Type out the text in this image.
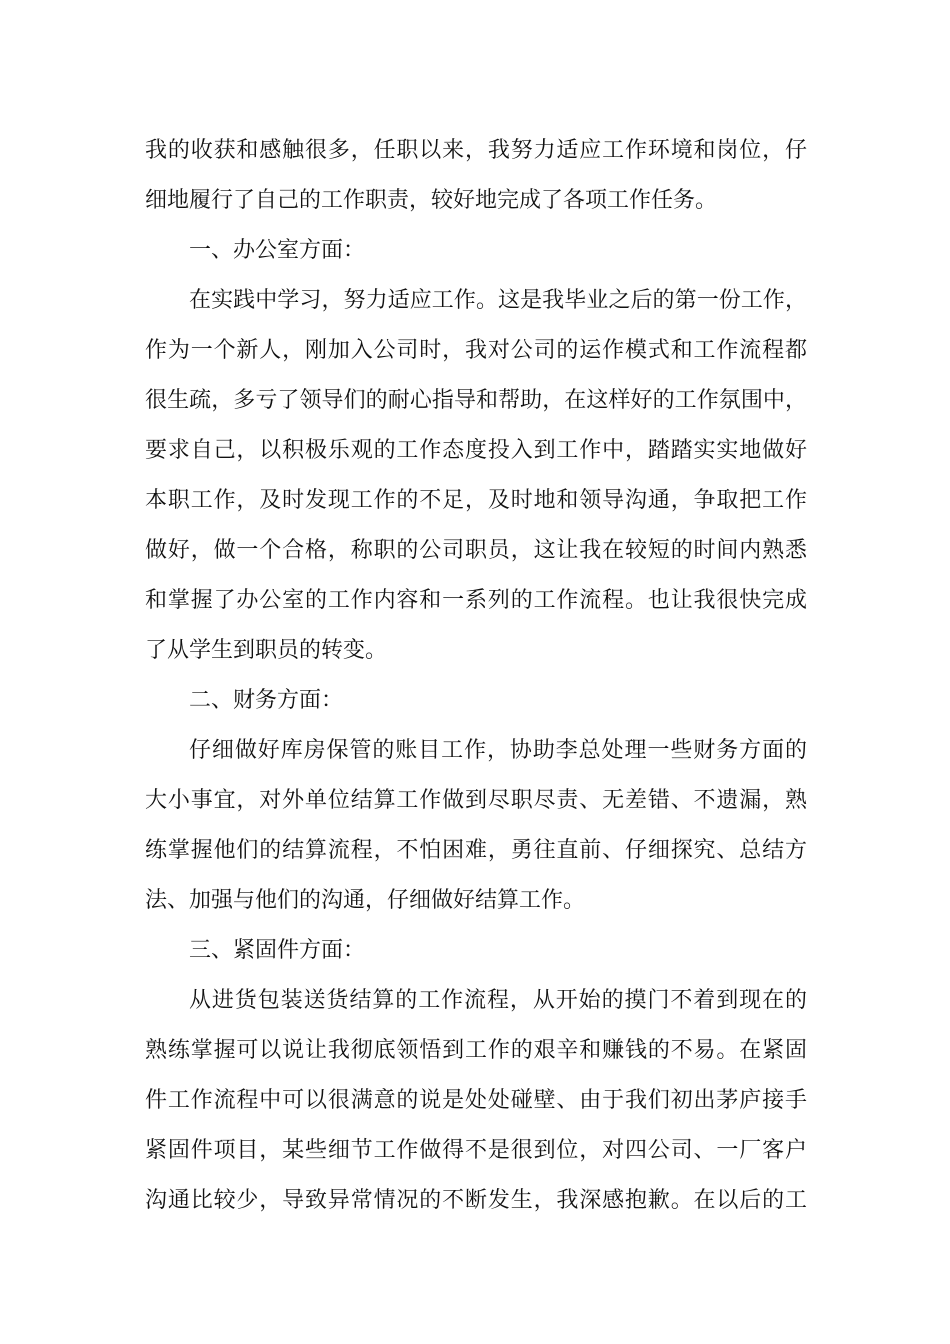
我的收获和感触很多，任职以来，我努力适应工作环境和岗位，仔
细地履行了自己的工作职责，较好地完成了各项工作任务。
一、办公室方面：
在实践中学习，努力适应工作。这是我毕业之后的第一份工作，
作为一个新人，刚加入公司时，我对公司的运作模式和工作流程都
很生疏，多亏了领导们的耐心指导和帮助，在这样好的工作氛围中，
要求自己，以积极乐观的工作态度投入到工作中，踏踏实实地做好
本职工作，及时发现工作的不足，及时地和领导沟通，争取把工作
做好，做一个合格，称职的公司职员，这让我在较短的时间内熟悉
和掌握了办公室的工作内容和一系列的工作流程。也让我很快完成
了从学生到职员的转变。
二、财务方面：
仔细做好库房保管的账目工作，协助李总处理一些财务方面的
大小事宜，对外单位结算工作做到尽职尽责、无差错、不遗漏，熟
练掌握他们的结算流程，不怕困难，勇往直前、仔细探究、总结方
法、加强与他们的沟通，仔细做好结算工作。
三、紧固件方面：
从进货包装送货结算的工作流程，从开始的摸门不着到现在的
熟练掌握可以说让我彻底领悟到工作的艰辛和赚钱的不易。在紧固
件工作流程中可以很满意的说是处处碰壁、由于我们初出茅庐接手
紧固件项目，某些细节工作做得不是很到位，对四公司、一厂客户
沟通比较少，导致异常情况的不断发生，我深感抱歉。在以后的工
